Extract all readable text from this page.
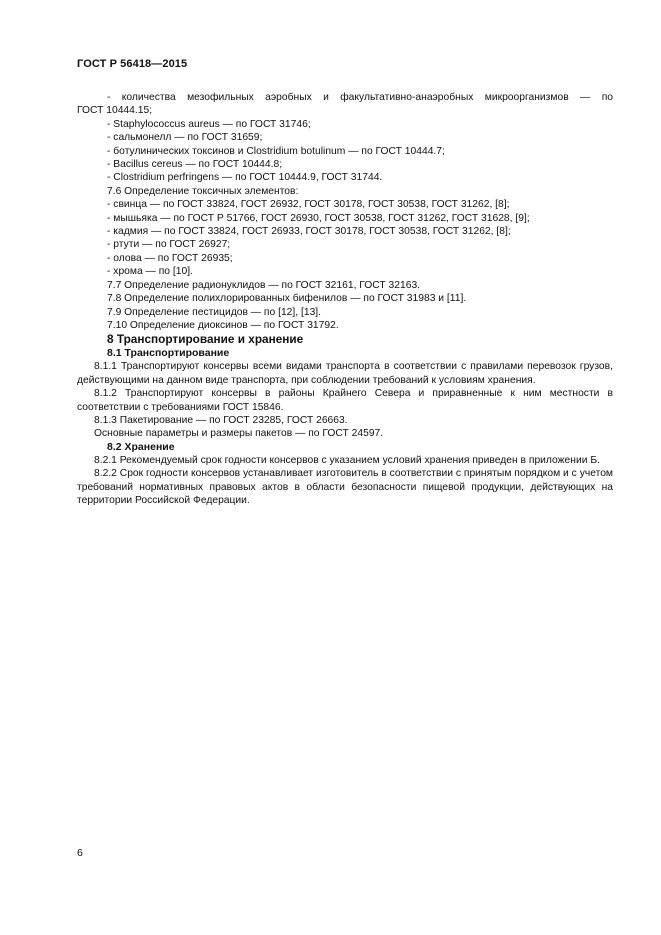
ГОСТ Р 56418—2015

- количества мезофильных аэробных и факультативно-анаэробных микроорганизмов — по

ГОСТ 10444.15;

- Staphylococcus aureus — по ГОСТ 31746;

- сальмонелл — по ГОСТ 31659;

- ботулинических токсинов и Clostridium botulinum — по ГОСТ 10444.7;

- Bacillus cereus — по ГОСТ 10444.8;

- Clostridium perfringens — по ГОСТ 10444.9, ГОСТ 31744.

7.6 Определение токсичных элементов:

- свинца — по ГОСТ 33824, ГОСТ 26932, ГОСТ 30178, ГОСТ 30538, ГОСТ 31262, [8];

- мышьяка — по ГОСТ Р 51766, ГОСТ 26930, ГОСТ 30538, ГОСТ 31262, ГОСТ 31628, [9];

- кадмия — по ГОСТ 33824, ГОСТ 26933, ГОСТ 30178, ГОСТ 30538, ГОСТ 31262, [8];

- ртути — по ГОСТ 26927;

- олова — по ГОСТ 26935;

- хрома — по [10].

7.7 Определение радионуклидов — по ГОСТ 32161, ГОСТ 32163.

7.8 Определение полихлорированных бифенилов — по ГОСТ 31983 и [11].

7.9 Определение пестицидов — по [12], [13].

7.10 Определение диоксинов — по ГОСТ 31792.

8 Транспортирование и хранение

8.1 Транспортирование

8.1.1 Транспортируют консервы всеми видами транспорта в соответствии с правилами перевозок грузов, действующими на данном виде транспорта, при соблюдении требований к условиям хранения.

8.1.2 Транспортируют консервы в районы Крайнего Севера и приравненные к ним местности в соответствии с требованиями ГОСТ 15846.

8.1.3 Пакетирование — по ГОСТ 23285, ГОСТ 26663.

Основные параметры и размеры пакетов — по ГОСТ 24597.

8.2 Хранение

8.2.1 Рекомендуемый срок годности консервов с указанием условий хранения приведен в приложении Б.

8.2.2 Срок годности консервов устанавливает изготовитель в соответствии с принятым порядком и с учетом требований нормативных правовых актов в области безопасности пищевой продукции, действующих на территории Российской Федерации.

6
